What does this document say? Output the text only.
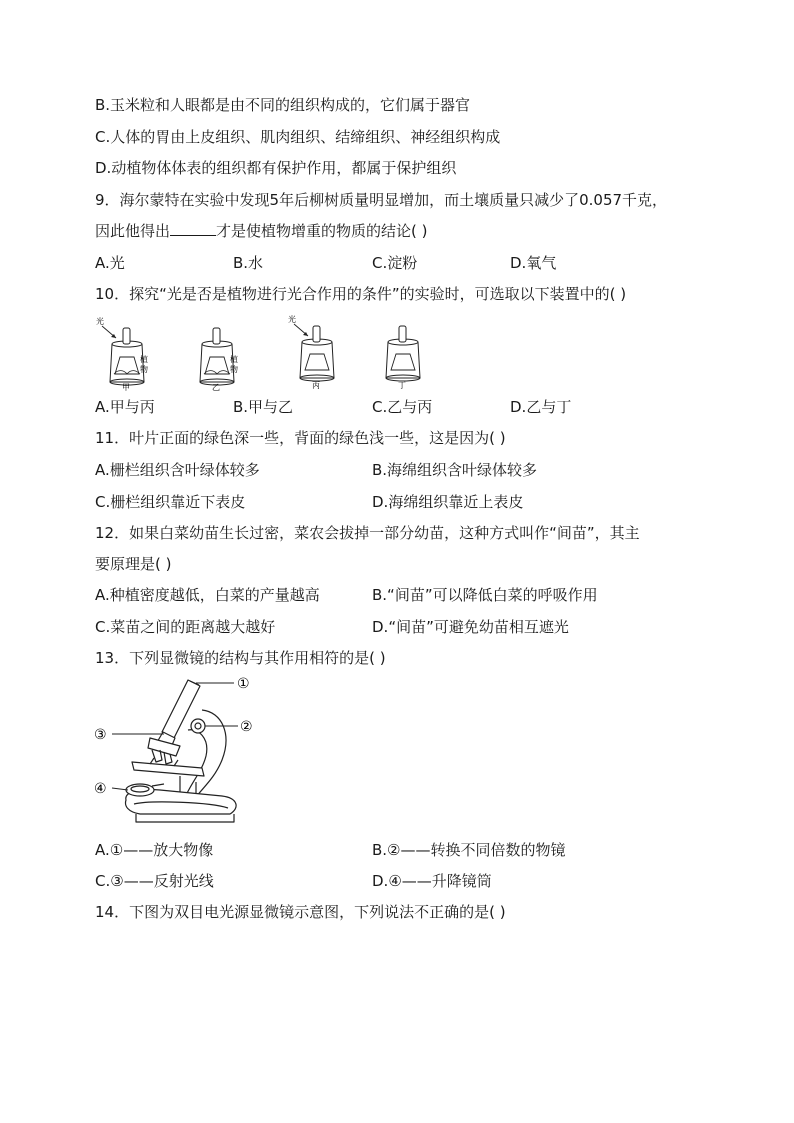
B.玉米粒和人眼都是由不同的组织构成的，它们属于器官
C.人体的胃由上皮组织、肌肉组织、结缔组织、神经组织构成
D.动植物体体表的组织都有保护作用，都属于保护组织
9．海尔蒙特在实验中发现5年后柳树质量明显增加，而土壤质量只减少了0.057千克，
因此他得出	才是使植物增重的物质的结论( )
A.光	B.水	C.淀粉	D.氧气
10．探究“光是否是植物进行光合作用的条件”的实验时，可选取以下装置中的( )
光
植
物
甲
植
物
乙
光
丙	丁
A.甲与丙	B.甲与乙	C.乙与丙	D.乙与丁
11．叶片正面的绿色深一些，背面的绿色浅一些，这是因为( )
A.栅栏组织含叶绿体较多	B.海绵组织含叶绿体较多
C.栅栏组织靠近下表皮	D.海绵组织靠近上表皮
12．如果白菜幼苗生长过密，菜农会拔掉一部分幼苗，这种方式叫作“间苗”，其主
要原理是( )
A.种植密度越低，白菜的产量越高	B.“间苗”可以降低白菜的呼吸作用
C.菜苗之间的距离越大越好	D.“间苗”可避免幼苗相互遮光
13．下列显微镜的结构与其作用相符的是( )
①
②
③
④
A.①——放大物像	B.②——转换不同倍数的物镜
C.③——反射光线	D.④——升降镜筒
14．下图为双目电光源显微镜示意图，下列说法不正确的是( )
